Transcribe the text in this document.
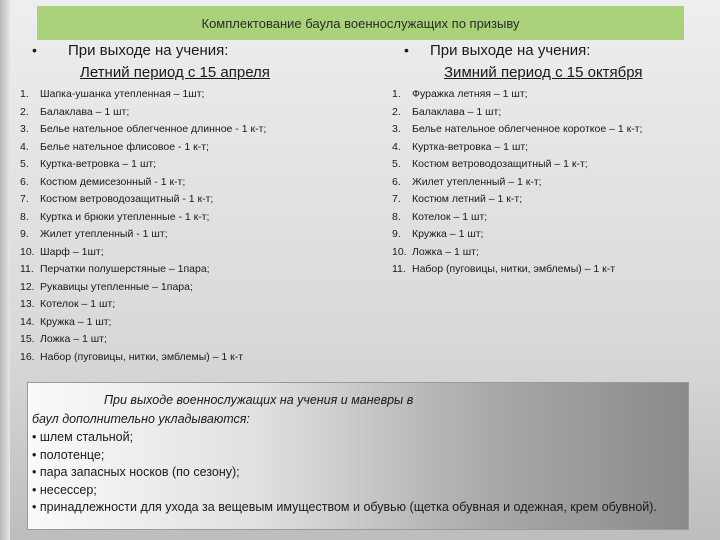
Комплектование баула военнослужащих по призыву
• При выходе на учения:
Летний период с 15 апреля
1. Шапка-ушанка утепленная – 1шт;
2. Балаклава – 1 шт;
3. Белье нательное облегченное длинное - 1 к-т;
4. Белье нательное флисовое - 1 к-т;
5. Куртка-ветровка – 1 шт;
6. Костюм демисезонный - 1 к-т;
7. Костюм ветроводозащитный - 1 к-т;
8. Куртка и брюки утепленные - 1 к-т;
9. Жилет утепленный - 1 шт;
10. Шарф – 1шт;
11. Перчатки полушерстяные – 1пара;
12. Рукавицы утепленные – 1пара;
13. Котелок – 1 шт;
14. Кружка – 1 шт;
15. Ложка – 1 шт;
16. Набор (пуговицы, нитки, эмблемы) – 1 к-т
• При выходе на учения:
Зимний период с 15 октября
1. Фуражка летняя – 1 шт;
2. Балаклава – 1 шт;
3. Белье нательное облегченное короткое – 1 к-т;
4. Куртка-ветровка – 1 шт;
5. Костюм ветроводозащитный – 1 к-т;
6. Жилет утепленный – 1 к-т;
7. Костюм летний – 1 к-т;
8. Котелок – 1 шт;
9. Кружка – 1 шт;
10. Ложка – 1 шт;
11. Набор (пуговицы, нитки, эмблемы) – 1 к-т
При выходе военнослужащих на учения и маневры в
баул дополнительно укладываются:
• шлем стальной;
• полотенце;
• пара запасных носков (по сезону);
• несессер;
• принадлежности для ухода за вещевым имуществом и обувью (щетка обувная и одежная, крем обувной).
